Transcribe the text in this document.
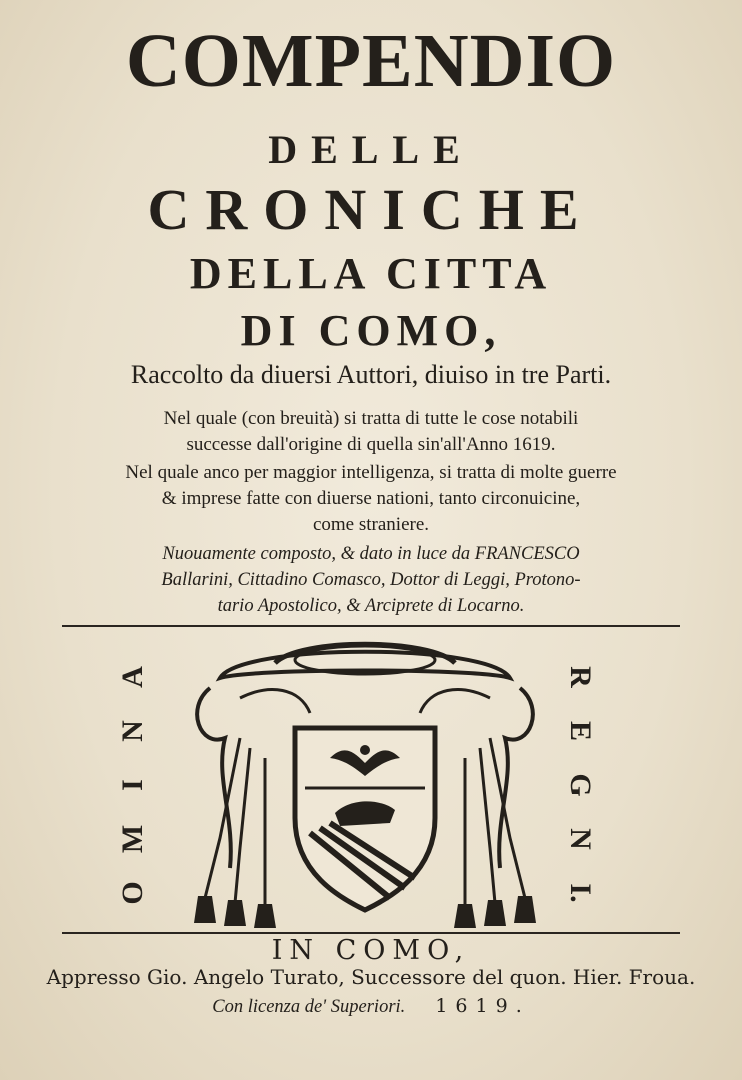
COMPENDIO
DELLE
CRONICHE
DELLA CITTA
DI COMO,
Raccolto da diuersi Auttori, diuiso in tre Parti.
Nel quale (con breuità) si tratta di tutte le cose notabili
successe dall'origine di quella sin'all'Anno 1619.
Nel quale anco per maggior intelligenza, si tratta di molte guerre
& imprese fatte con diuerse nationi, tanto circonuicine,
come straniere.
Nuouamente composto, & dato in luce da FRANCESCO
Ballarini, Cittadino Comasco, Dottor di Leggi, Protono-
tario Apostolico, & Arciprete di Locarno.
A
N
I
M
O
R
E
G
N
I.
IN COMO,
Appresso Gio. Angelo Turato, Successore del quon. Hier. Froua.
Con licenza de' Superiori. 1619.
